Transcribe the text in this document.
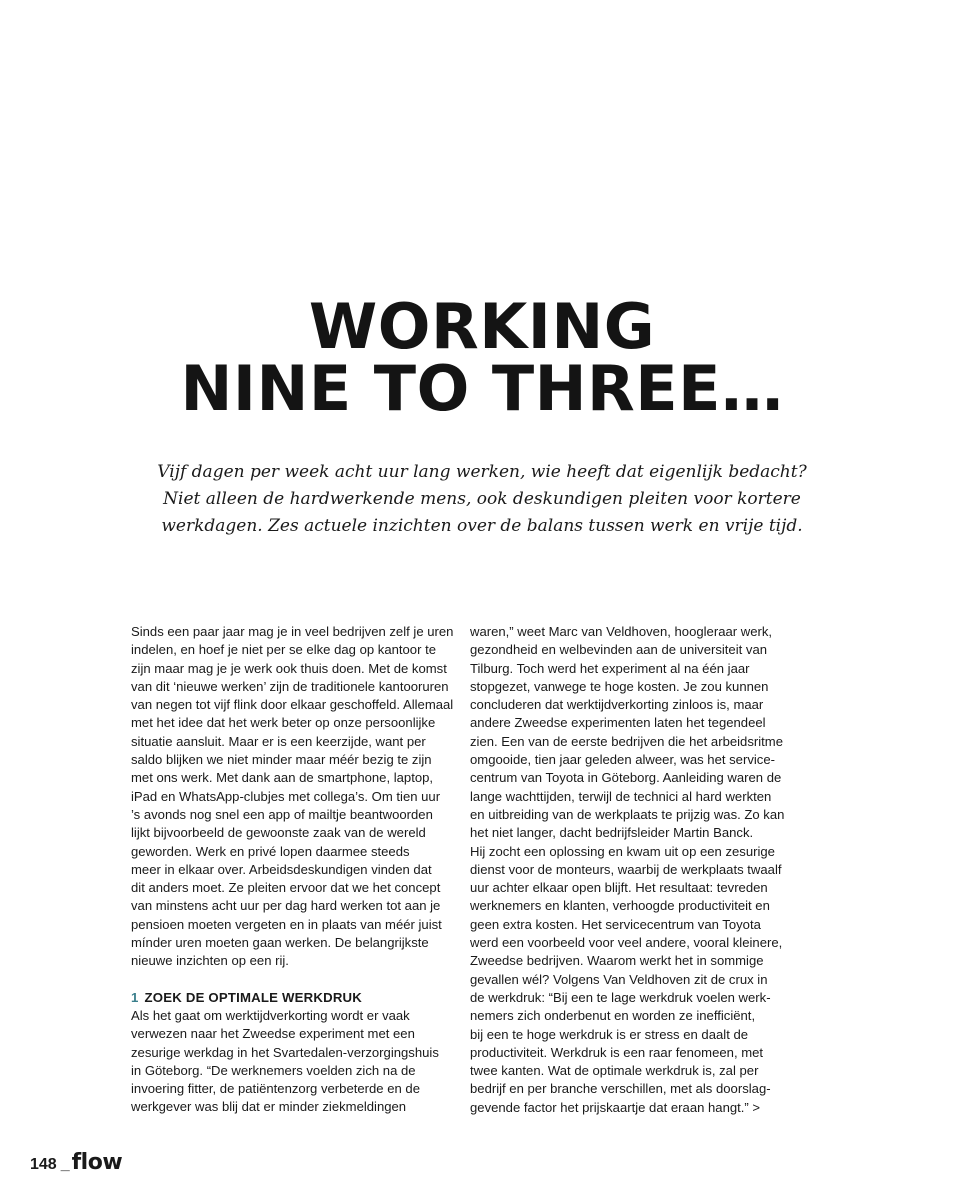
WORKING
NINE TO THREE…
Vijf dagen per week acht uur lang werken, wie heeft dat eigenlijk bedacht?
Niet alleen de hardwerkende mens, ook deskundigen pleiten voor kortere
werkdagen. Zes actuele inzichten over de balans tussen werk en vrije tijd.

Sinds een paar jaar mag je in veel bedrijven zelf je uren
indelen, en hoef je niet per se elke dag op kantoor te
zijn maar mag je je werk ook thuis doen. Met de komst
van dit ‘nieuwe werken’ zijn de traditionele kantooruren
van negen tot vijf flink door elkaar geschoffeld. Allemaal
met het idee dat het werk beter op onze persoonlijke
situatie aansluit. Maar er is een keerzijde, want per
saldo blijken we niet minder maar méér bezig te zijn
met ons werk. Met dank aan de smartphone, laptop,
iPad en WhatsApp-clubjes met collega’s. Om tien uur
’s avonds nog snel een app of mailtje beantwoorden
lijkt bijvoorbeeld de gewoonste zaak van de wereld
geworden. Werk en privé lopen daarmee steeds
meer in elkaar over. Arbeidsdeskundigen vinden dat
dit anders moet. Ze pleiten ervoor dat we het concept
van minstens acht uur per dag hard werken tot aan je
pensioen moeten vergeten en in plaats van méér juist
mínder uren moeten gaan werken. De belangrijkste
nieuwe inzichten op een rij.

1 ZOEK DE OPTIMALE WERKDRUK

Als het gaat om werktijdverkorting wordt er vaak
verwezen naar het Zweedse experiment met een
zesurige werkdag in het Svartedalen-verzorgingshuis
in Göteborg. “De werknemers voelden zich na de
invoering fitter, de patiëntenzorg verbeterde en de
werkgever was blij dat er minder ziekmeldingen

waren,” weet Marc van Veldhoven, hoogleraar werk,
gezondheid en welbevinden aan de universiteit van
Tilburg. Toch werd het experiment al na één jaar
stopgezet, vanwege te hoge kosten. Je zou kunnen
concluderen dat werktijdverkorting zinloos is, maar
andere Zweedse experimenten laten het tegendeel
zien. Een van de eerste bedrijven die het arbeidsritme
omgooide, tien jaar geleden alweer, was het service-
centrum van Toyota in Göteborg. Aanleiding waren de
lange wachttijden, terwijl de technici al hard werkten
en uitbreiding van de werkplaats te prijzig was. Zo kan
het niet langer, dacht bedrijfsleider Martin Banck.

Hij zocht een oplossing en kwam uit op een zesurige
dienst voor de monteurs, waarbij de werkplaats twaalf
uur achter elkaar open blijft. Het resultaat: tevreden
werknemers en klanten, verhoogde productiviteit en
geen extra kosten. Het servicecentrum van Toyota
werd een voorbeeld voor veel andere, vooral kleinere,
Zweedse bedrijven. Waarom werkt het in sommige
gevallen wél? Volgens Van Veldhoven zit de crux in
de werkdruk: “Bij een te lage werkdruk voelen werk-
nemers zich onderbenut en worden ze inefficiënt,
bij een te hoge werkdruk is er stress en daalt de
productiviteit. Werkdruk is een raar fenomeen, met
twee kanten. Wat de optimale werkdruk is, zal per
bedrijf en per branche verschillen, met als doorslag-
gevende factor het prijskaartje dat eraan hangt.” >

148 _ flow
